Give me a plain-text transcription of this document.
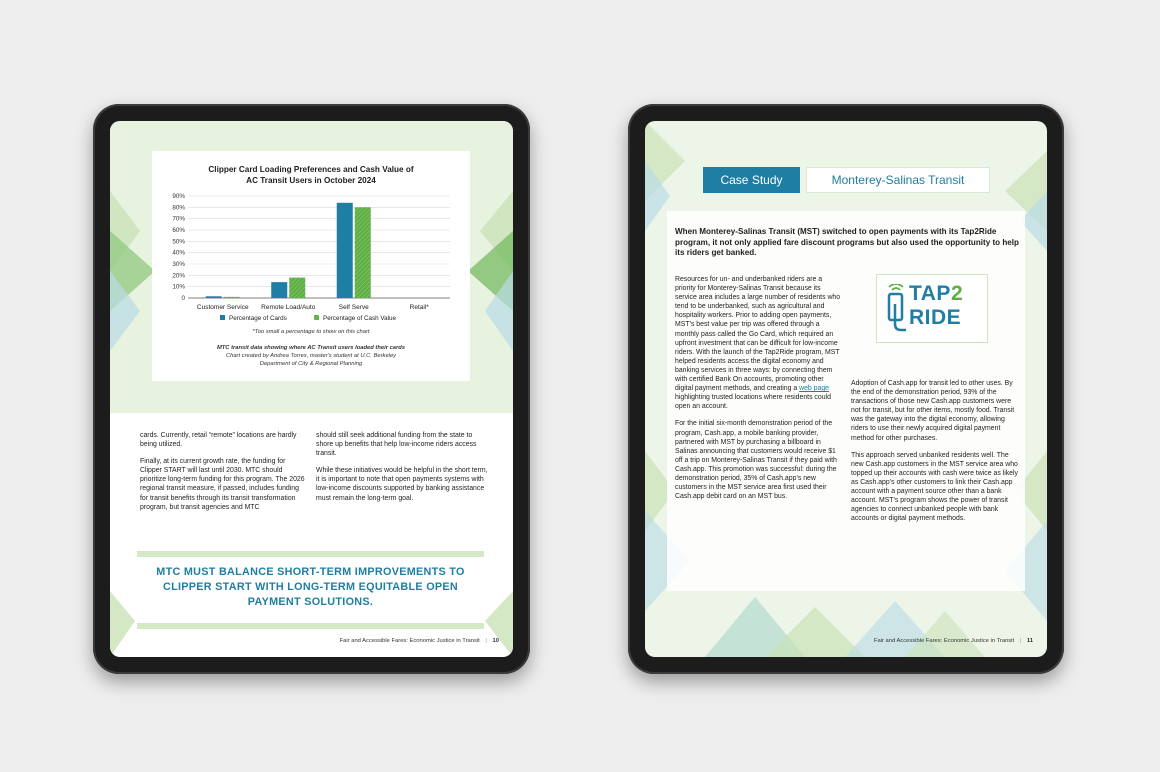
Clipper Card Loading Preferences and Cash Value of
AC Transit Users in October 2024
0
10%
20%
30%
40%
50%
60%
70%
80%
90%
Customer Service Remote Load/Auto	Self Serve	Retail*
Percentage of Cards	Percentage of Cash Value
*Too small a percentage to show on this chart
MTC transit data showing where AC Transit users loaded their cards
Chart created by Andrea Torres, master's student at U.C. Berkeley
Department of City & Regional Planning

cards. Currently, retail “remote” locations are hardly being utilized.

Finally, at its current growth rate, the funding for Clipper START will last until 2030. MTC should prioritize long-term funding for this program. The 2026 regional transit measure, if passed, includes funding for transit benefits through its transit transformation program, but transit agencies and MTC

should still seek additional funding from the state to shore up benefits that help low-income riders access transit.

While these initiatives would be helpful in the short term, it is important to note that open payments systems with low-income discounts supported by banking assistance must remain the long-term goal.

MTC MUST BALANCE SHORT-TERM IMPROVEMENTS TO CLIPPER START WITH LONG-TERM EQUITABLE OPEN PAYMENT SOLUTIONS.
Fair and Accessible Fares: Economic Justice in Transit | 10
Case Study	Monterey-Salinas Transit
When Monterey-Salinas Transit (MST) switched to open payments with its Tap2Ride program, it not only applied fare discount programs but also used the opportunity to help its riders get banked.

Resources for un- and underbanked riders are a priority for Monterey-Salinas Transit because its service area includes a large number of residents who tend to be underbanked, such as agricultural and hospitality workers. Prior to adding open payments, MST’s best value per trip was offered through a monthly pass called the Go Card, which required an upfront investment that can be difficult for low-income riders. With the launch of the Tap2Ride program, MST helped residents access the digital economy and banking services in three ways: by connecting them with certified Bank On accounts, promoting other digital payment methods, and creating a web page highlighting trusted locations where residents could open an account.

For the initial six-month demonstration period of the program, Cash.app, a mobile banking provider, partnered with MST by purchasing a billboard in Salinas announcing that customers would receive $1 off a trip on Monterey-Salinas Transit if they paid with Cash.app. This promotion was successful: during the demonstration period, 35% of Cash.app’s new customers in the MST service area first used their Cash.app debit card on an MST bus.

TAP2
RIDE

Adoption of Cash.app for transit led to other uses. By the end of the demonstration period, 93% of the transactions of those new Cash.app customers were not for transit, but for other items, mostly food. Transit was the gateway into the digital economy, allowing riders to use their newly acquired digital payment method for other purchases.

This approach served unbanked residents well. The new Cash.app customers in the MST service area who topped up their accounts with cash were twice as likely as Cash.app’s other customers to link their Cash.app account with a payment source other than a bank account. MST’s program shows the power of transit agencies to connect unbanked people with bank accounts or digital payment methods.

Fair and Accessible Fares: Economic Justice in Transit | 11
